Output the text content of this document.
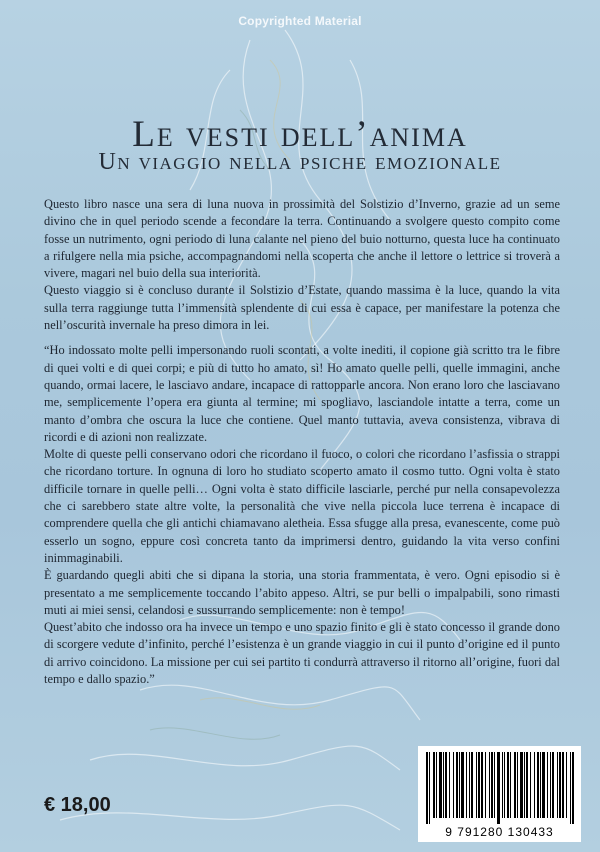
Copyrighted Material
Le vesti dell’anima
Un viaggio nella psiche emozionale

Questo libro nasce una sera di luna nuova in prossimità del Solstizio d’Inverno, grazie ad un seme divino che in quel periodo scende a fecondare la terra. Continuando a svolgere questo compito come fosse un nutrimento, ogni periodo di luna calante nel pieno del buio notturno, questa luce ha continuato a rifulgere nella mia psiche, accompagnandomi nella scoperta che anche il lettore o lettrice si troverà a vivere, magari nel buio della sua interiorità.

Questo viaggio si è concluso durante il Solstizio d’Estate, quando massima è la luce, quando la vita sulla terra raggiunge tutta l’immensità splendente di cui essa è capace, per manifestare la potenza che nell’oscurità invernale ha preso dimora in lei.

“Ho indossato molte pelli impersonando ruoli scontati, a volte inediti, il copione già scritto tra le fibre di quei volti e di quei corpi; e più di tutto ho amato, sì! Ho amato quelle pelli, quelle immagini, anche quando, ormai lacere, le lasciavo andare, incapace di rattopparle ancora. Non erano loro che lasciavano me, semplicemente l’opera era giunta al termine; mi spogliavo, lasciandole intatte a terra, come un manto d’ombra che oscura la luce che contiene. Quel manto tuttavia, aveva consistenza, vibrava di ricordi e di azioni non realizzate.

Molte di queste pelli conservano odori che ricordano il fuoco, o colori che ricordano l’asfissia o strappi che ricordano torture. In ognuna di loro ho studiato scoperto amato il cosmo tutto. Ogni volta è stato difficile tornare in quelle pelli… Ogni volta è stato difficile lasciarle, perché pur nella consapevolezza che ci sarebbero state altre volte, la personalità che vive nella piccola luce terrena è incapace di comprendere quella che gli antichi chiamavano aletheia. Essa sfugge alla presa, evanescente, come può esserlo un sogno, eppure così concreta tanto da imprimersi dentro, guidando la vita verso confini inimmaginabili.

È guardando quegli abiti che si dipana la storia, una storia frammentata, è vero. Ogni episodio si è presentato a me semplicemente toccando l’abito appeso. Altri, se pur belli o impalpabili, sono rimasti muti ai miei sensi, celandosi e sussurrando semplicemente: non è tempo!

Quest’abito che indosso ora ha invece un tempo e uno spazio finito e gli è stato concesso il grande dono di scorgere vedute d’infinito, perché l’esistenza è un grande viaggio in cui il punto d’origine ed il punto di arrivo coincidono. La missione per cui sei partito ti condurrà attraverso il ritorno all’origine, fuori dal tempo e dallo spazio.”

€ 18,00
9 791280 130433
